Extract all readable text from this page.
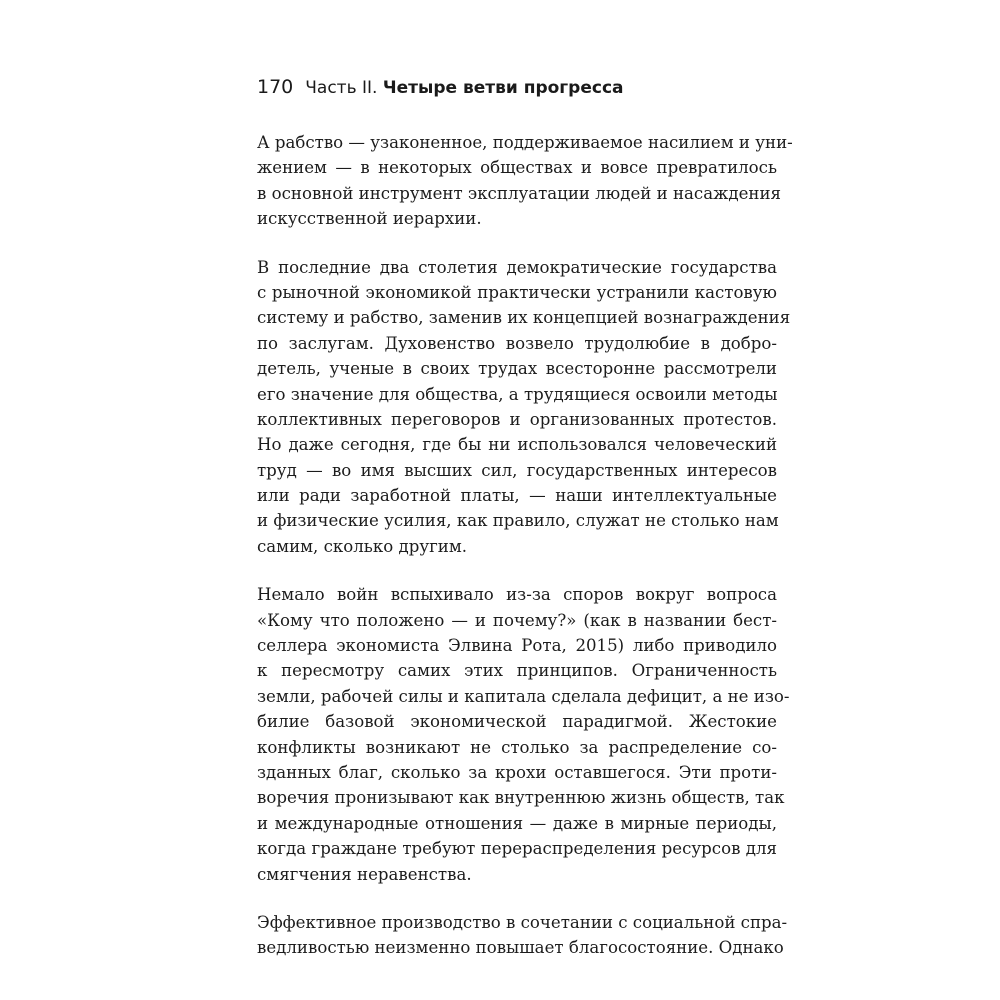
170 Часть II. Четыре ветви прогресса
А рабство — узаконенное, поддерживаемое насилием и уни-
жением — в некоторых обществах и вовсе превратилось
в основной инструмент эксплуатации людей и насаждения
искусственной иерархии.
В последние два столетия демократические государства
с рыночной экономикой практически устранили кастовую
систему и рабство, заменив их концепцией вознаграждения
по заслугам. Духовенство возвело трудолюбие в добро-
детель, ученые в своих трудах всесторонне рассмотрели
его значение для общества, а трудящиеся освоили методы
коллективных переговоров и организованных протестов.
Но даже сегодня, где бы ни использовался человеческий
труд — во имя высших сил, государственных интересов
или ради заработной платы, — наши интеллектуальные
и физические усилия, как правило, служат не столько нам
самим, сколько другим.
Немало войн вспыхивало из-за споров вокруг вопроса
«Кому что положено — и почему?» (как в названии бест-
селлера экономиста Элвина Рота, 2015) либо приводило
к пересмотру самих этих принципов. Ограниченность
земли, рабочей силы и капитала сделала дефицит, а не изо-
билие базовой экономической парадигмой. Жестокие
конфликты возникают не столько за распределение со-
зданных благ, сколько за крохи оставшегося. Эти проти-
воречия пронизывают как внутреннюю жизнь обществ, так
и международные отношения — даже в мирные периоды,
когда граждане требуют перераспределения ресурсов для
смягчения неравенства.
Эффективное производство в сочетании с социальной спра-
ведливостью неизменно повышает благосостояние. Однако
